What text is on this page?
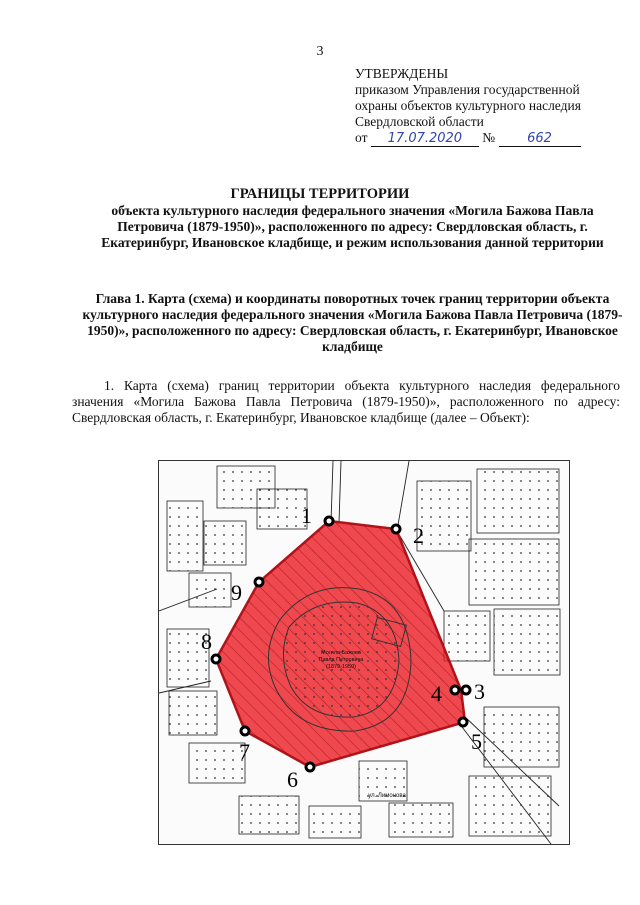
3
УТВЕРЖДЕНЫ
приказом Управления государственной
охраны объектов культурного наследия
Свердловской области
от 17.07.2020 № 662
ГРАНИЦЫ ТЕРРИТОРИИ
объекта культурного наследия федерального значения «Могила Бажова Павла Петровича (1879-1950)», расположенного по адресу: Свердловская область, г. Екатеринбург, Ивановское кладбище, и режим использования данной территории
Глава 1. Карта (схема) и координаты поворотных точек границ территории объекта культурного наследия федерального значения «Могила Бажова Павла Петровича (1879-1950)», расположенного по адресу: Свердловская область, г. Екатеринбург, Ивановское кладбище
1. Карта (схема) границ территории объекта культурного наследия федерального значения «Могила Бажова Павла Петровича (1879-1950)», расположенного по адресу: Свердловская область, г. Екатеринбург, Ивановское кладбище (далее – Объект):
Могила Бажова
Павла Петровича
(1879-1950)
ул. Лимонова
1
2
3
4
5
6
7
8
9
